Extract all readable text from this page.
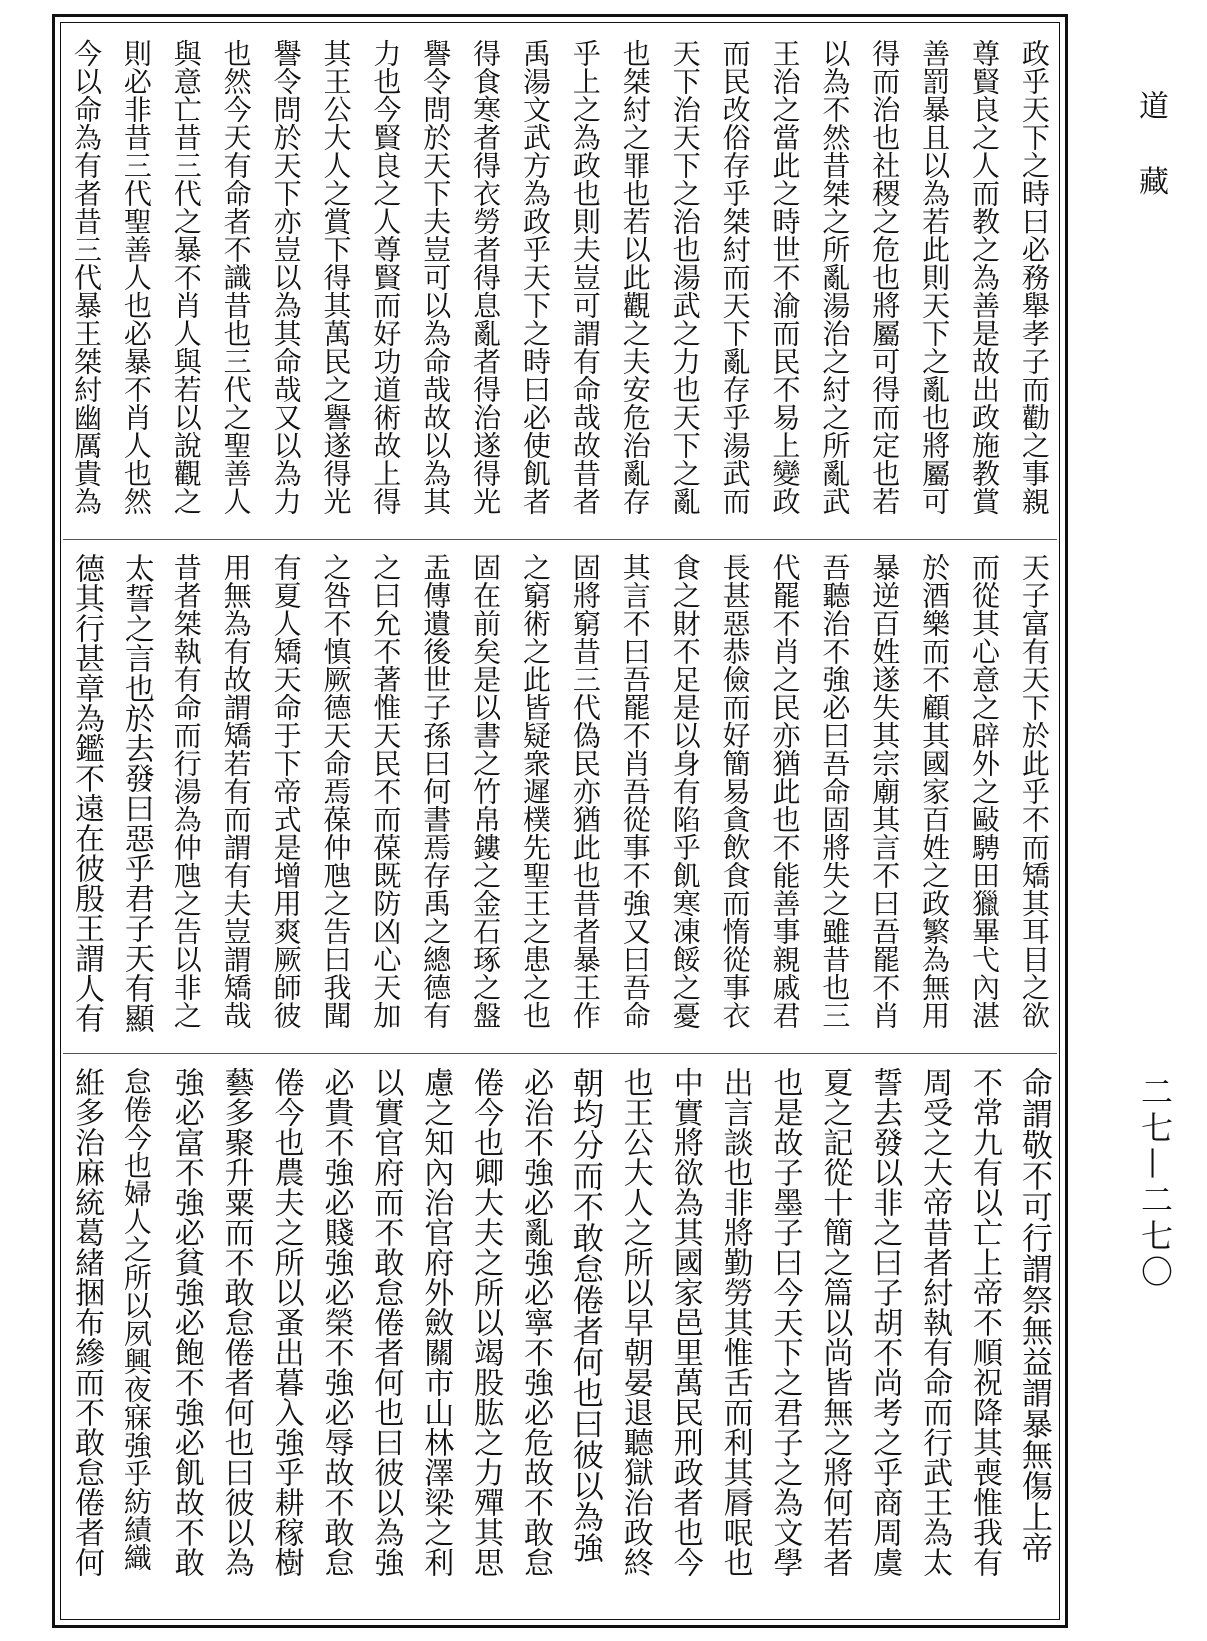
道 藏
二七—二七〇
政乎天下之時曰必務舉孝子而勸之事親
尊賢良之人而教之為善是故出政施教賞
善罰暴且以為若此則天下之亂也將屬可
得而治也社稷之危也將屬可得而定也若
以為不然昔桀之所亂湯治之紂之所亂武
王治之當此之時世不渝而民不易上變政
而民改俗存乎桀紂而天下亂存乎湯武而
天下治天下之治也湯武之力也天下之亂
也桀紂之罪也若以此觀之夫安危治亂存
乎上之為政也則夫豈可謂有命哉故昔者
禹湯文武方為政乎天下之時曰必使飢者
得食寒者得衣勞者得息亂者得治遂得光
譽令問於天下夫豈可以為命哉故以為其
力也今賢良之人尊賢而好功道術故上得
其王公大人之賞下得其萬民之譽遂得光
譽令問於天下亦豈以為其命哉又以為力
也然今天有命者不識昔也三代之聖善人
與意亡昔三代之暴不肖人與若以說觀之
則必非昔三代聖善人也必暴不肖人也然
今以命為有者昔三代暴王桀紂幽厲貴為
天子富有天下於此乎不而矯其耳目之欲
而從其心意之辟外之敺騁田獵畢弋內湛
於酒樂而不顧其國家百姓之政繁為無用
暴逆百姓遂失其宗廟其言不曰吾罷不肖
吾聽治不強必曰吾命固將失之雖昔也三
代罷不肖之民亦猶此也不能善事親戚君
長甚惡恭儉而好簡易貪飲食而惰從事衣
食之財不足是以身有陷乎飢寒凍餒之憂
其言不曰吾罷不肖吾從事不強又曰吾命
固將窮昔三代偽民亦猶此也昔者暴王作
之窮術之此皆疑衆遲樸先聖王之患之也
固在前矣是以書之竹帛鏤之金石琢之盤
盂傳遺後世子孫曰何書焉存禹之總德有
之曰允不著惟天民不而葆既防凶心天加
之咎不慎厥德天命焉葆仲虺之告曰我聞
有夏人矯天命于下帝式是增用爽厥師彼
用無為有故謂矯若有而謂有夫豈謂矯哉
昔者桀執有命而行湯為仲虺之告以非之
太誓之言也於去發曰惡乎君子天有顯
德其行甚章為鑑不遠在彼殷王謂人有
命謂敬不可行謂祭無益謂暴無傷上帝
不常九有以亡上帝不順祝降其喪惟我有
周受之大帝昔者紂執有命而行武王為太
誓去發以非之曰子胡不尚考之乎商周虞
夏之記從十簡之篇以尚皆無之將何若者
也是故子墨子曰今天下之君子之為文學
出言談也非將勤勞其惟舌而利其脣呡也
中實將欲為其國家邑里萬民刑政者也今
也王公大人之所以早朝晏退聽獄治政終
朝均分而不敢怠倦者何也曰彼以為強
必治不強必亂強必寧不強必危故不敢怠
倦今也卿大夫之所以竭股肱之力殫其思
慮之知內治官府外斂關市山林澤梁之利
以實官府而不敢怠倦者何也曰彼以為強
必貴不強必賤強必榮不強必辱故不敢怠
倦今也農夫之所以蚤出暮入強乎耕稼樹
藝多聚升粟而不敢怠倦者何也曰彼以為
強必富不強必貧強必飽不強必飢故不敢
怠倦今也婦人之所以夙興夜寐強乎紡績織
絍多治麻統葛緒捆布縿而不敢怠倦者何
